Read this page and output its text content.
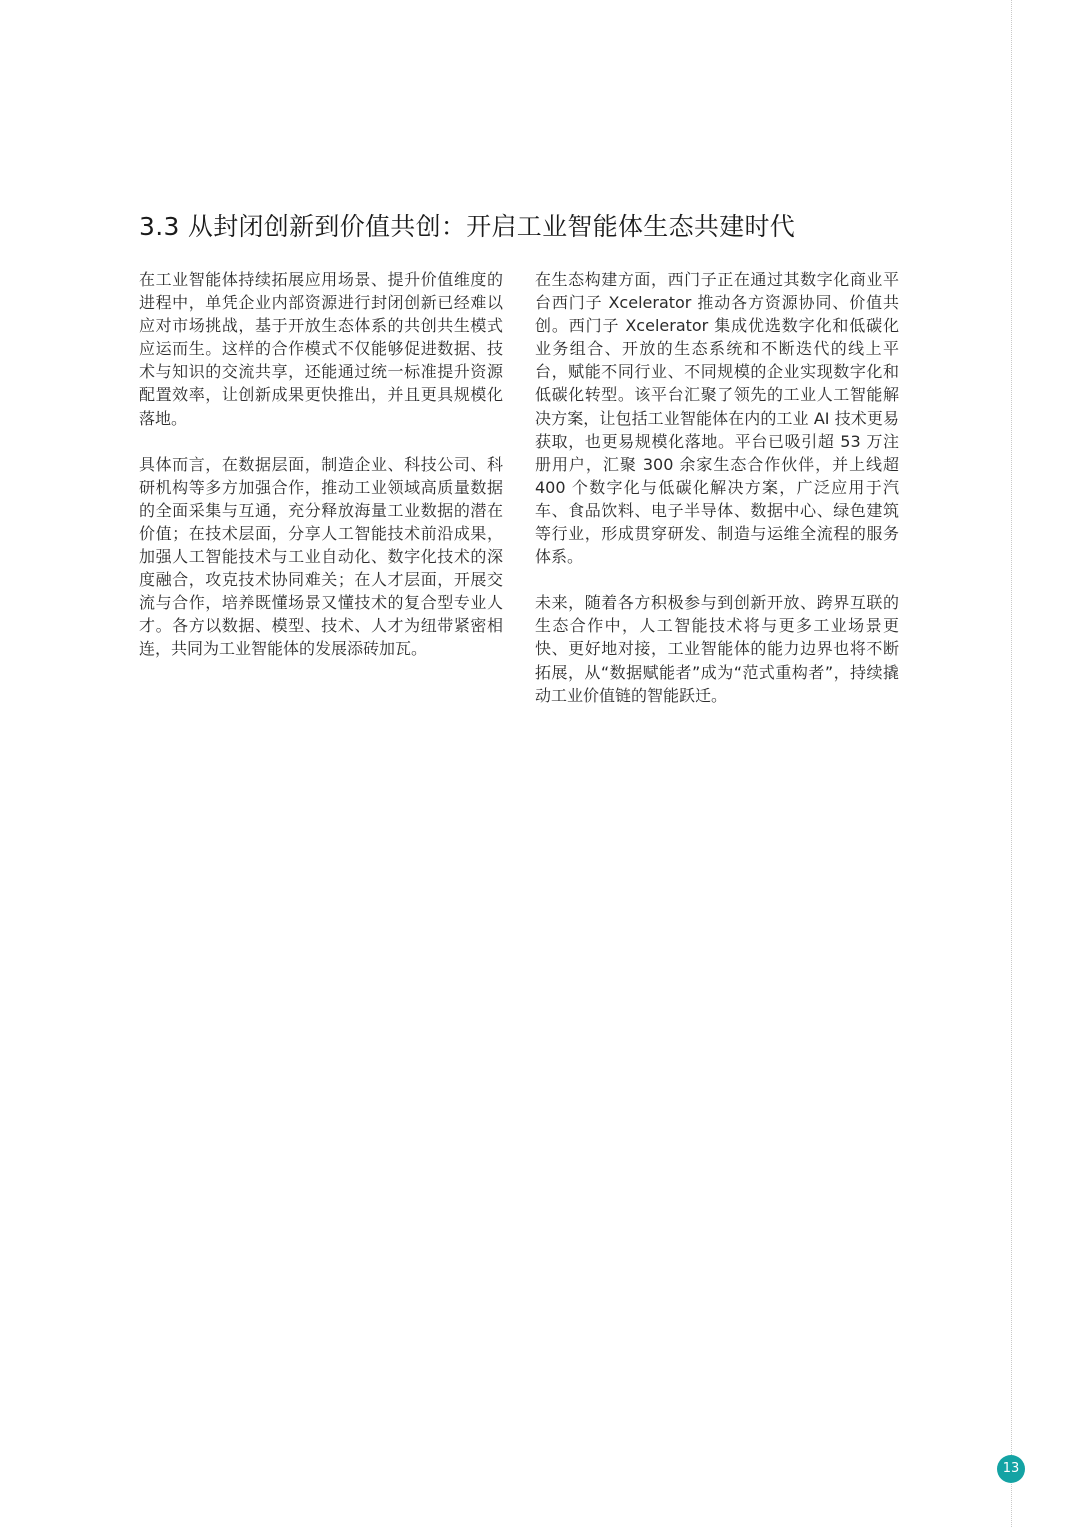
3.3 从封闭创新到价值共创：开启工业智能体生态共建时代

在工业智能体持续拓展应用场景、提升价值维度的进程中，单凭企业内部资源进行封闭创新已经难以应对市场挑战，基于开放生态体系的共创共生模式应运而生。这样的合作模式不仅能够促进数据、技术与知识的交流共享，还能通过统一标准提升资源配置效率，让创新成果更快推出，并且更具规模化落地。

具体而言，在数据层面，制造企业、科技公司、科研机构等多方加强合作，推动工业领域高质量数据的全面采集与互通，充分释放海量工业数据的潜在价值；在技术层面，分享人工智能技术前沿成果，加强人工智能技术与工业自动化、数字化技术的深度融合，攻克技术协同难关；在人才层面，开展交流与合作，培养既懂场景又懂技术的复合型专业人才。各方以数据、模型、技术、人才为纽带紧密相连，共同为工业智能体的发展添砖加瓦。

在生态构建方面，西门子正在通过其数字化商业平台西门子 Xcelerator 推动各方资源协同、价值共创。西门子 Xcelerator 集成优选数字化和低碳化业务组合、开放的生态系统和不断迭代的线上平台，赋能不同行业、不同规模的企业实现数字化和低碳化转型。该平台汇聚了领先的工业人工智能解决方案，让包括工业智能体在内的工业 AI 技术更易获取，也更易规模化落地。平台已吸引超 53 万注册用户，汇聚 300 余家生态合作伙伴，并上线超 400 个数字化与低碳化解决方案，广泛应用于汽车、食品饮料、电子半导体、数据中心、绿色建筑等行业，形成贯穿研发、制造与运维全流程的服务体系。

未来，随着各方积极参与到创新开放、跨界互联的生态合作中，人工智能技术将与更多工业场景更快、更好地对接，工业智能体的能力边界也将不断拓展，从“数据赋能者”成为“范式重构者”，持续撬动工业价值链的智能跃迁。

13
